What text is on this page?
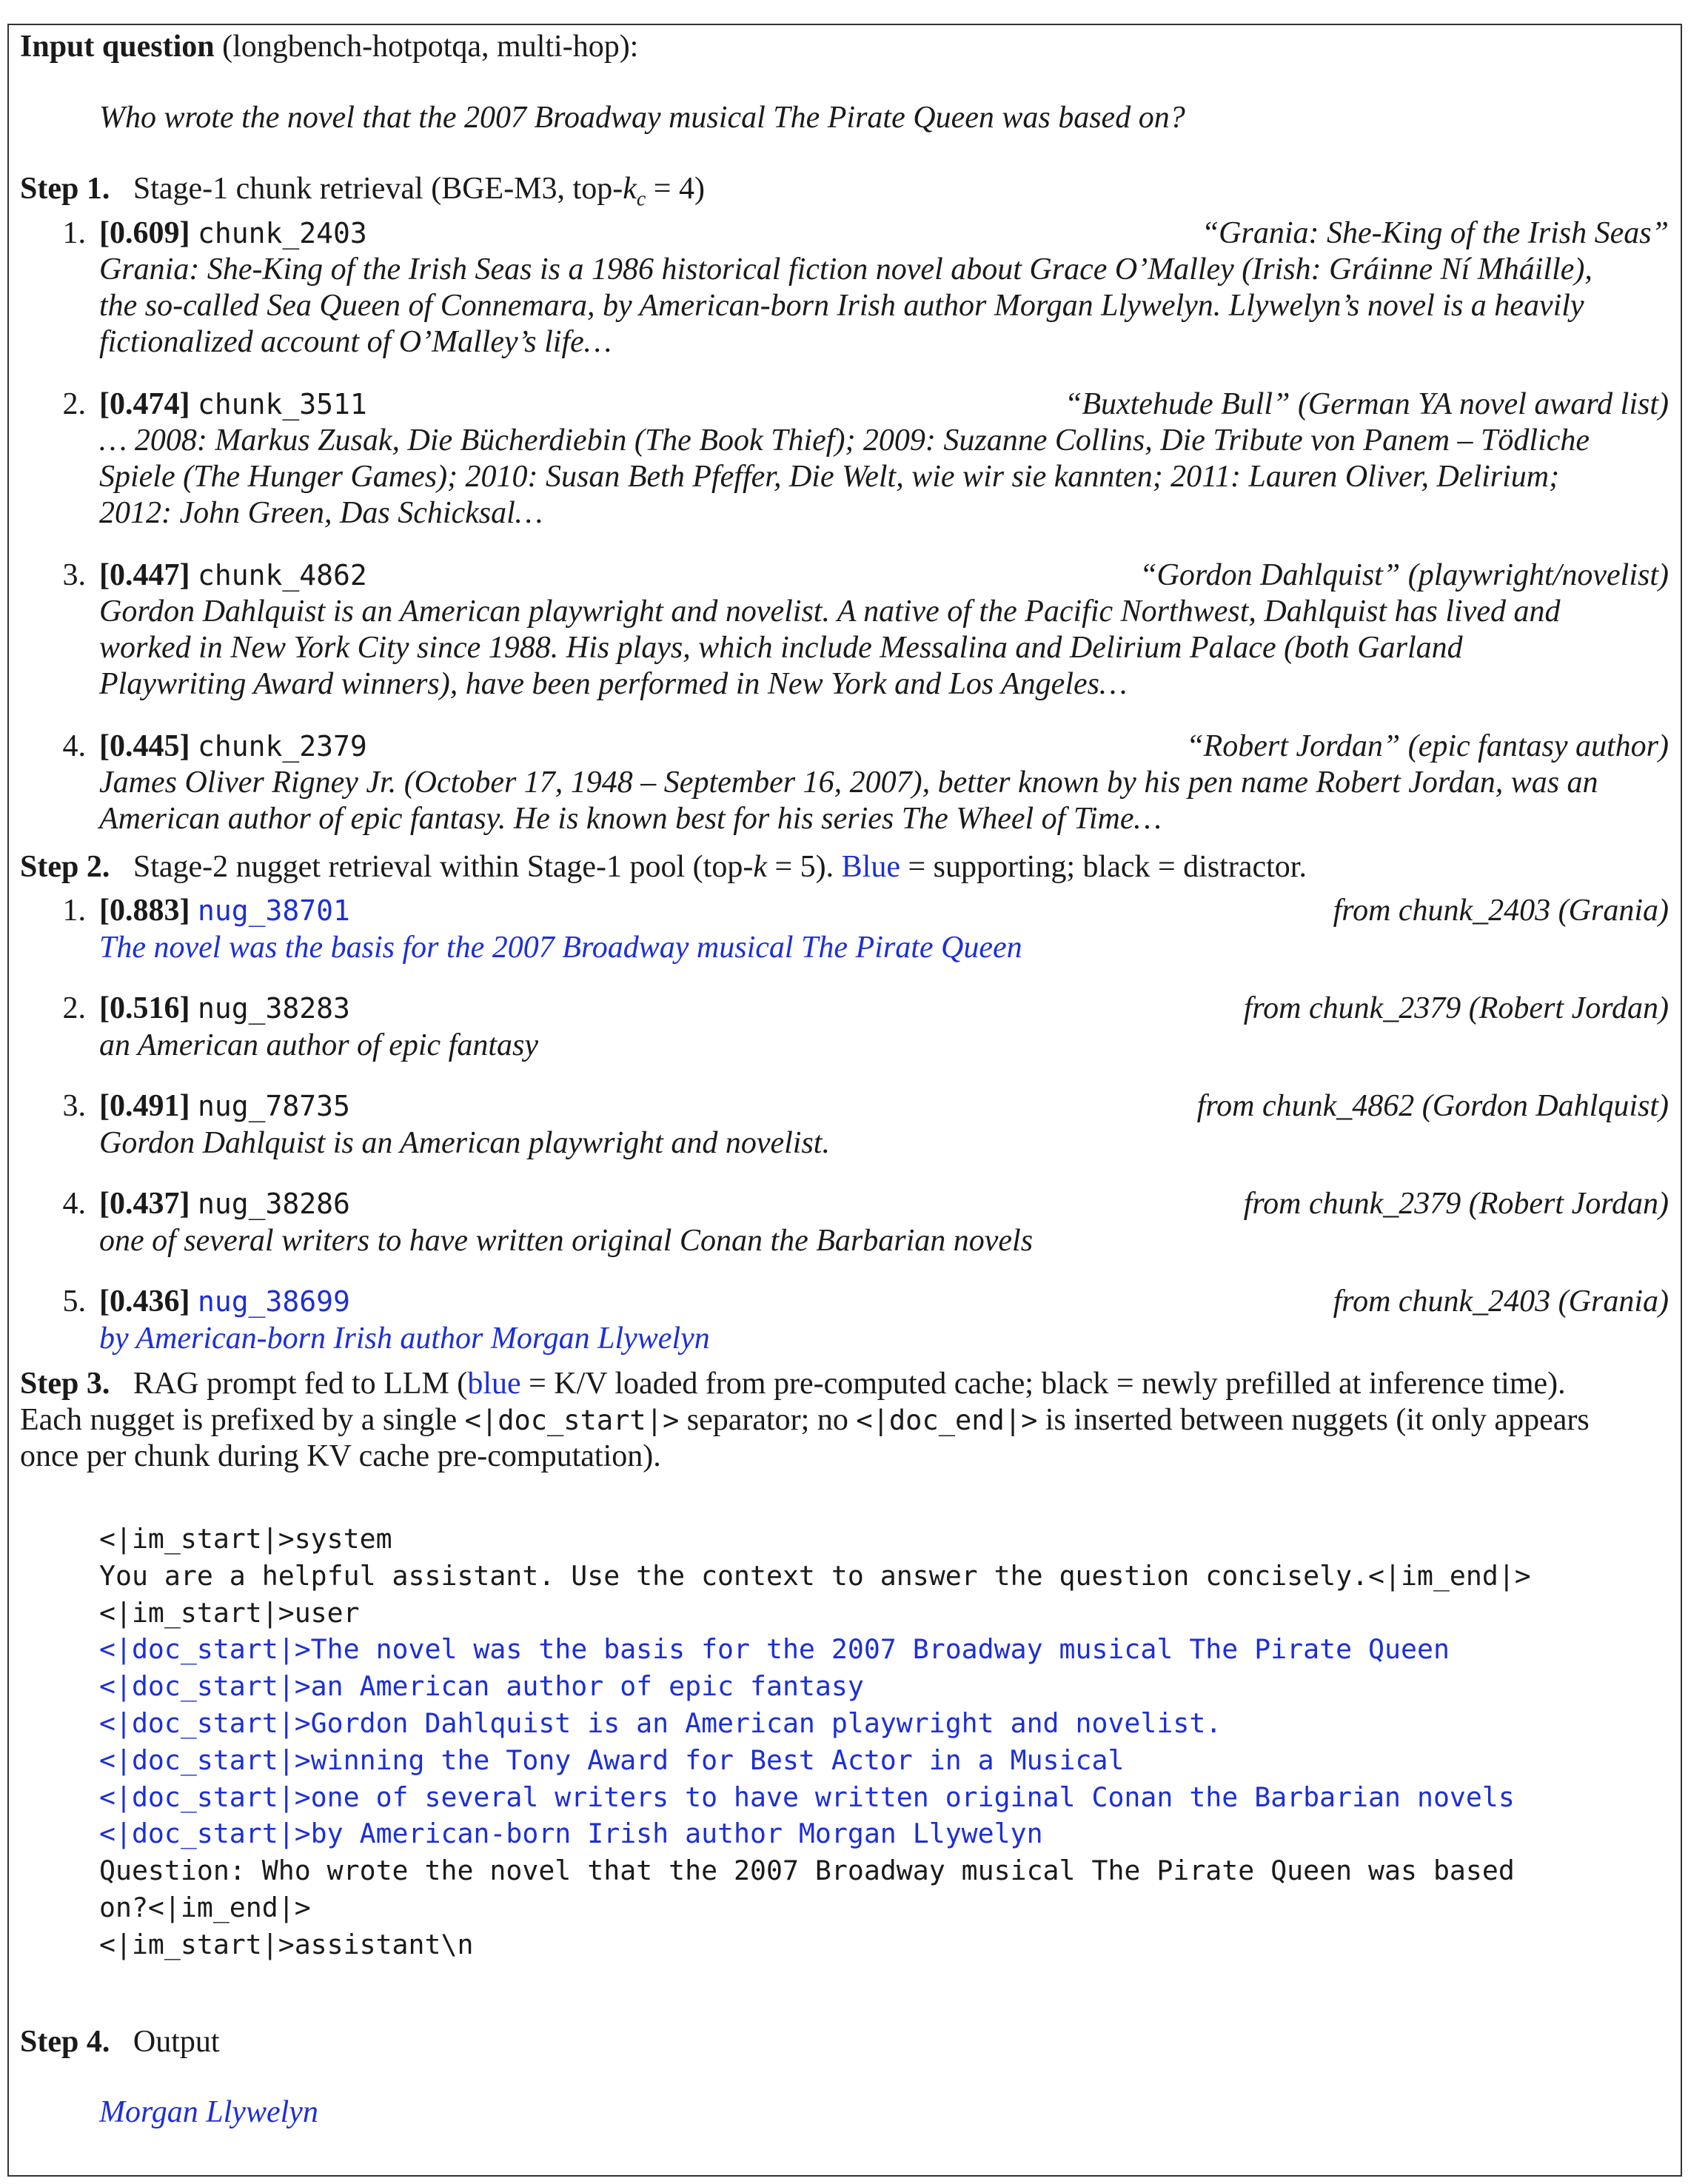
Input question (longbench-hotpotqa, multi-hop):
Who wrote the novel that the 2007 Broadway musical The Pirate Queen was based on?
Step 1. Stage-1 chunk retrieval (BGE-M3, top-$k_c = 4$)
1. [0.609] chunk_2403	“Grania: She-King of the Irish Seas”
Grania: She-King of the Irish Seas is a 1986 historical fiction novel about Grace O’Malley (Irish: Gráinne Ní Mháille),
the so-called Sea Queen of Connemara, by American-born Irish author Morgan Llywelyn. Llywelyn’s novel is a heavily
fictionalized account of O’Malley’s life…
2. [0.474] chunk_3511	“Buxtehude Bull” (German YA novel award list)
… 2008: Markus Zusak, Die Bücherdiebin (The Book Thief); 2009: Suzanne Collins, Die Tribute von Panem – Tödliche
Spiele (The Hunger Games); 2010: Susan Beth Pfeffer, Die Welt, wie wir sie kannten; 2011: Lauren Oliver, Delirium;
2012: John Green, Das Schicksal…
3. [0.447] chunk_4862	“Gordon Dahlquist” (playwright/novelist)
Gordon Dahlquist is an American playwright and novelist. A native of the Pacific Northwest, Dahlquist has lived and
worked in New York City since 1988. His plays, which include Messalina and Delirium Palace (both Garland
Playwriting Award winners), have been performed in New York and Los Angeles…
4. [0.445] chunk_2379	“Robert Jordan” (epic fantasy author)
James Oliver Rigney Jr. (October 17, 1948 – September 16, 2007), better known by his pen name Robert Jordan, was an
American author of epic fantasy. He is known best for his series The Wheel of Time…
Step 2. Stage-2 nugget retrieval within Stage-1 pool (top-k = 5). Blue = supporting; black = distractor.
1. [0.883] nug_38701	from chunk_2403 (Grania)
The novel was the basis for the 2007 Broadway musical The Pirate Queen
2. [0.516] nug_38283	from chunk_2379 (Robert Jordan)
an American author of epic fantasy
3. [0.491] nug_78735	from chunk_4862 (Gordon Dahlquist)
Gordon Dahlquist is an American playwright and novelist.
4. [0.437] nug_38286	from chunk_2379 (Robert Jordan)
one of several writers to have written original Conan the Barbarian novels
5. [0.436] nug_38699	from chunk_2403 (Grania)
by American-born Irish author Morgan Llywelyn
Step 3. RAG prompt fed to LLM (blue = K/V loaded from pre-computed cache; black = newly prefilled at inference time).
Each nugget is prefixed by a single <|doc_start|> separator; no <|doc_end|> is inserted between nuggets (it only appears
once per chunk during KV cache pre-computation).
<|im_start|>system
You are a helpful assistant. Use the context to answer the question concisely.<|im_end|>
<|im_start|>user
<|doc_start|>The novel was the basis for the 2007 Broadway musical The Pirate Queen
<|doc_start|>an American author of epic fantasy
<|doc_start|>Gordon Dahlquist is an American playwright and novelist.
<|doc_start|>winning the Tony Award for Best Actor in a Musical
<|doc_start|>one of several writers to have written original Conan the Barbarian novels
<|doc_start|>by American-born Irish author Morgan Llywelyn
Question: Who wrote the novel that the 2007 Broadway musical The Pirate Queen was based
on?<|im_end|>
<|im_start|>assistant\n
Step 4. Output
Morgan Llywelyn
